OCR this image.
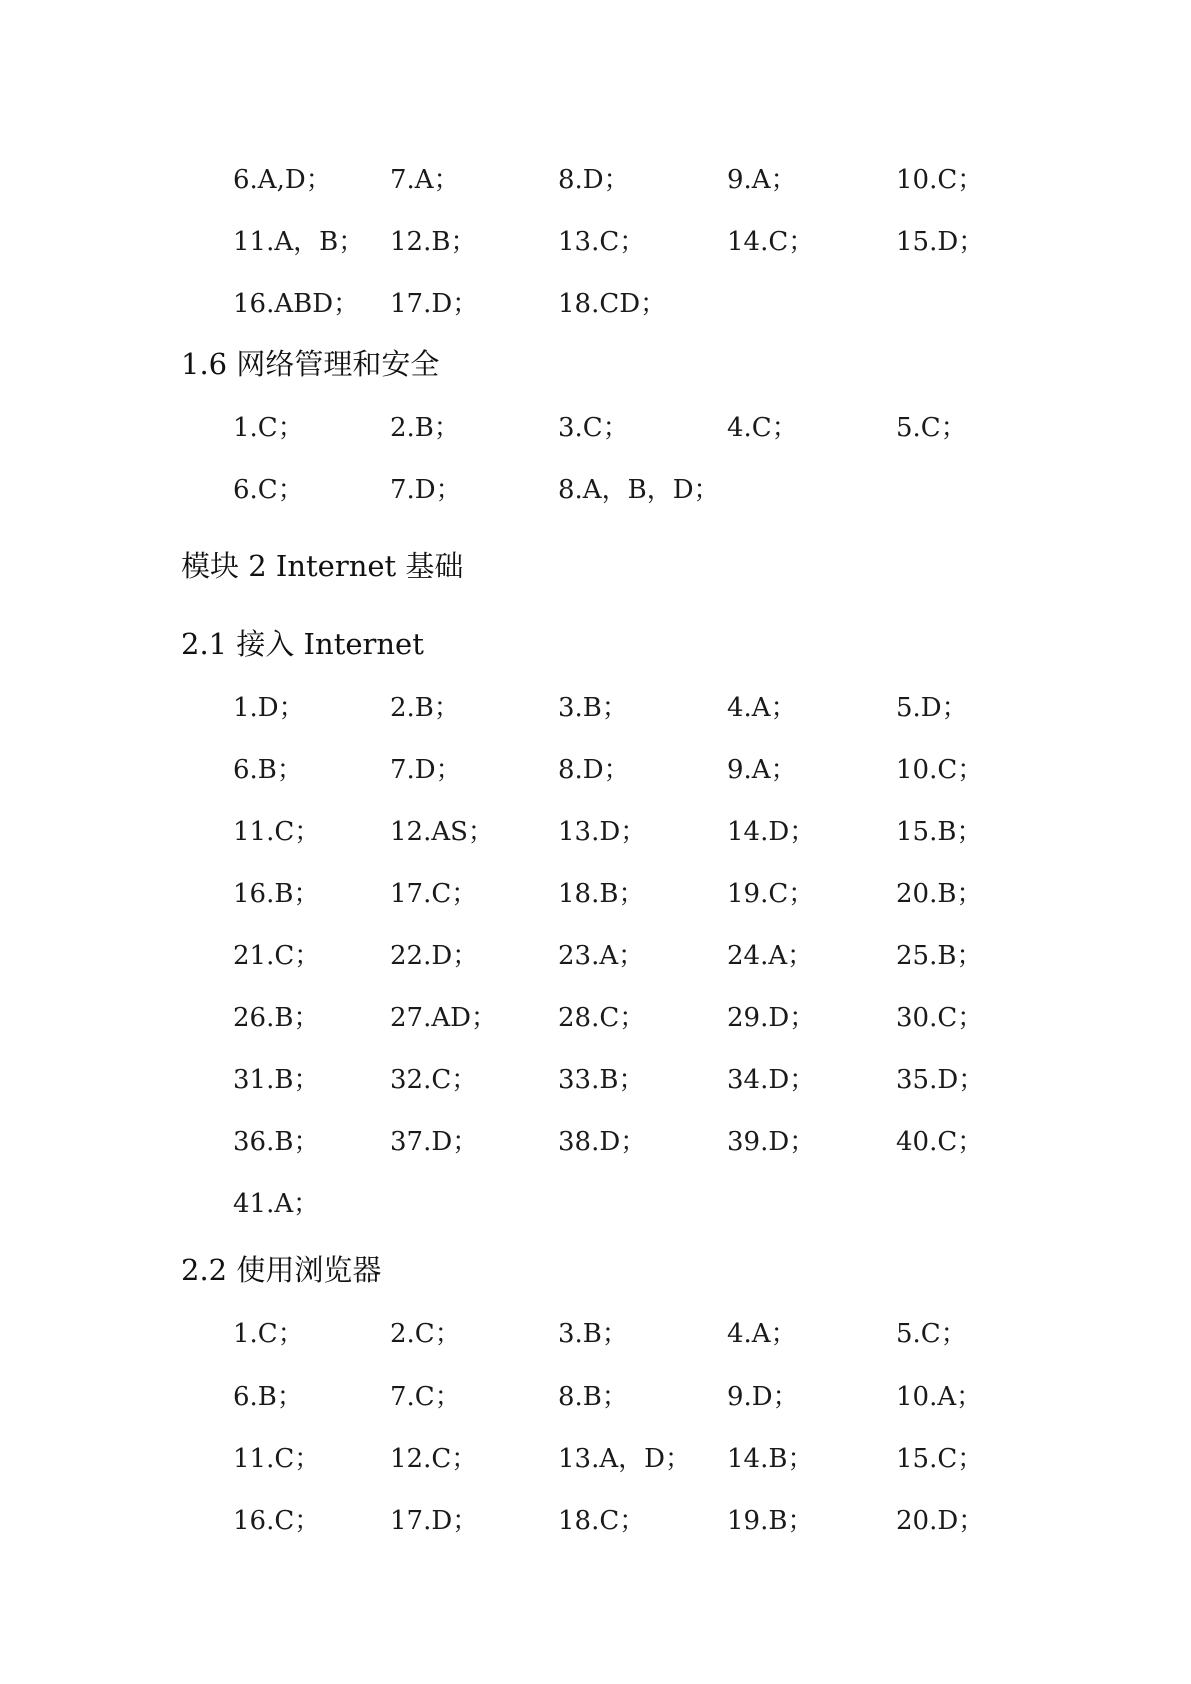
6.A,D； 7.A；	8.D；	9.A；	10.C；
11.A，B； 12.B；	13.C；	14.C；	15.D；
16.ABD； 17.D；	18.CD；
1.6 网络管理和安全
1.C；	2.B；	3.C；	4.C；	5.C；
6.C；	7.D；	8.A，B，D；
模块 2 Internet 基础
2.1 接入 Internet
1.D；	2.B；	3.B；	4.A；	5.D；
6.B；	7.D；	8.D；	9.A；	10.C；
11.C；	12.AS； 13.D；	14.D；	15.B；
16.B；	17.C；	18.B；	19.C；	20.B；
21.C；	22.D；	23.A；	24.A；	25.B；
26.B；	27.AD； 28.C；	29.D；	30.C；
31.B；	32.C；	33.B；	34.D；	35.D；
36.B；	37.D；	38.D；	39.D；	40.C；
41.A；
2.2 使用浏览器
1.C；	2.C；	3.B；	4.A；	5.C；
6.B；	7.C；	8.B；	9.D；	10.A；
11.C；	12.C；	13.A，D； 14.B；	15.C；
16.C；	17.D；	18.C；	19.B；	20.D；
